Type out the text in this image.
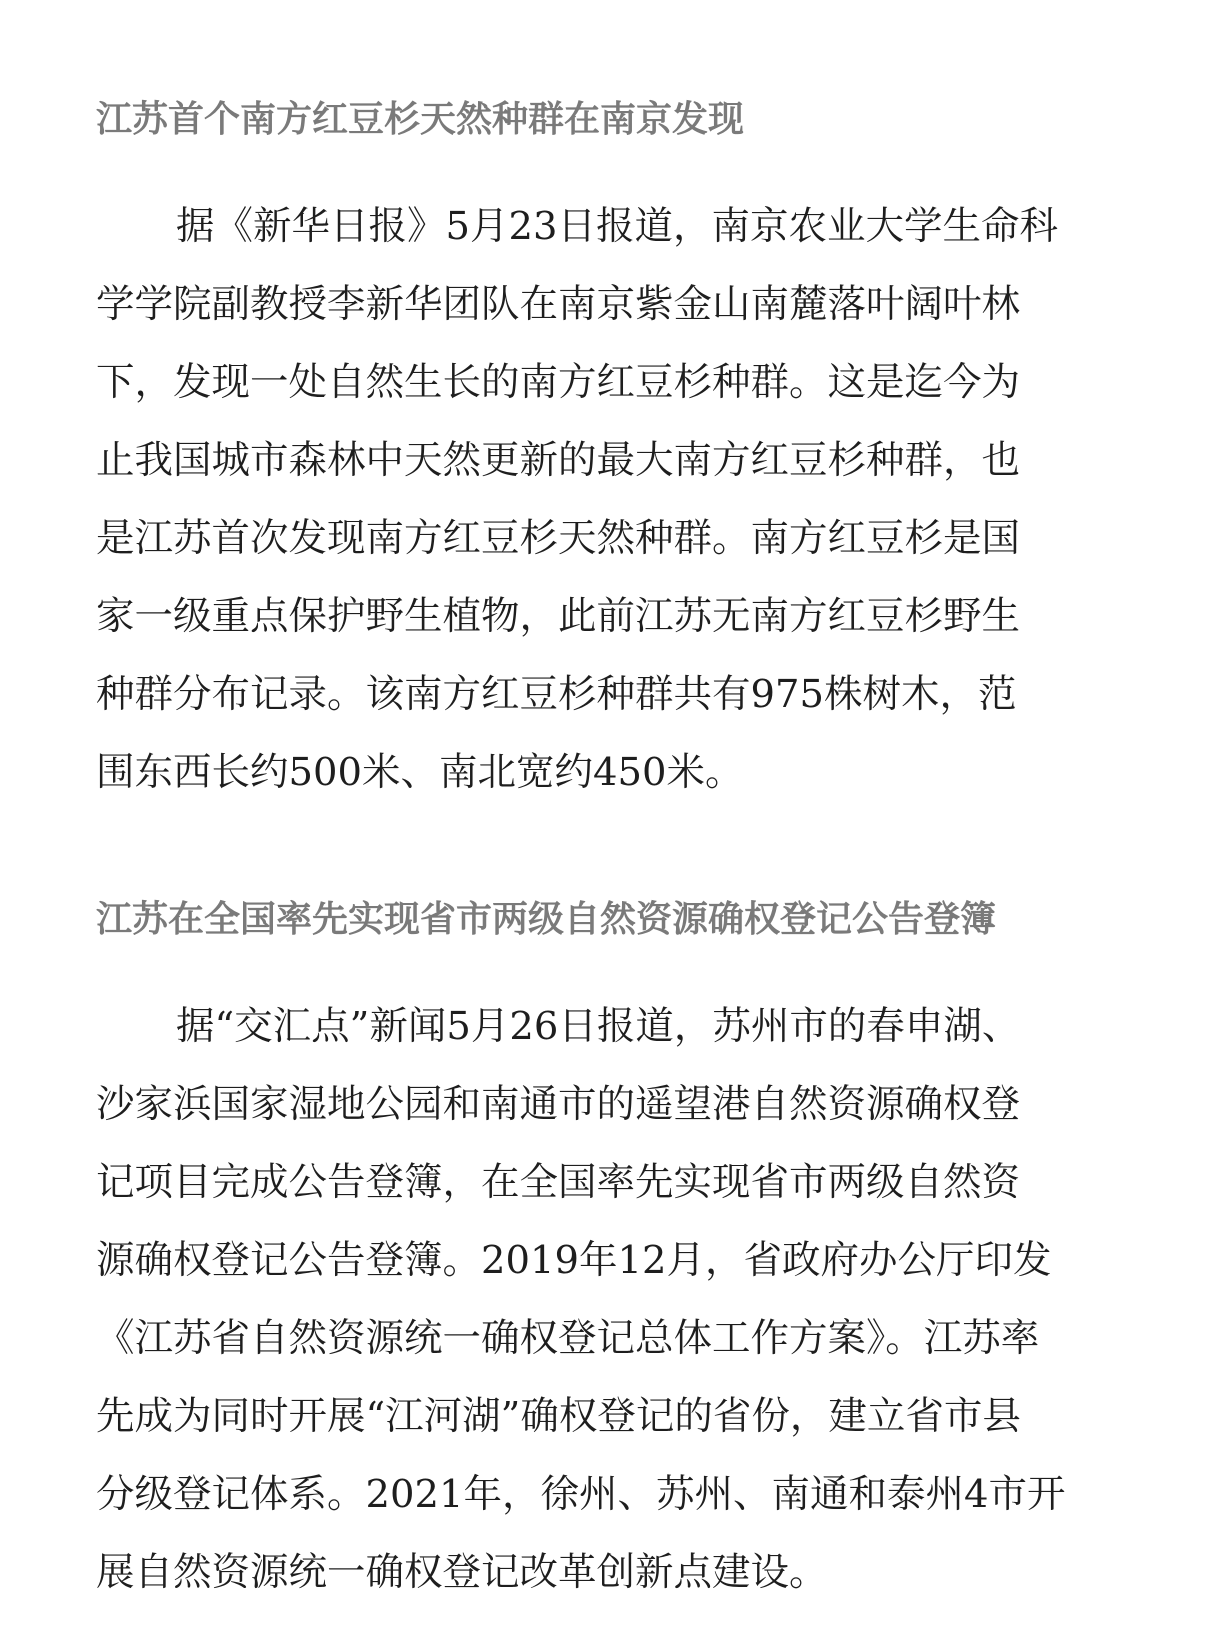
江苏首个南方红豆杉天然种群在南京发现

据《新华日报》5月23日报道，南京农业大学生命科

学学院副教授李新华团队在南京紫金山南麓落叶阔叶林

下，发现一处自然生长的南方红豆杉种群。这是迄今为

止我国城市森林中天然更新的最大南方红豆杉种群，也

是江苏首次发现南方红豆杉天然种群。南方红豆杉是国

家一级重点保护野生植物，此前江苏无南方红豆杉野生

种群分布记录。该南方红豆杉种群共有975株树木，范

围东西长约500米、南北宽约450米。

江苏在全国率先实现省市两级自然资源确权登记公告登簿

据“交汇点”新闻5月26日报道，苏州市的春申湖、

沙家浜国家湿地公园和南通市的遥望港自然资源确权登

记项目完成公告登簿，在全国率先实现省市两级自然资

源确权登记公告登簿。2019年12月，省政府办公厅印发

《江苏省自然资源统一确权登记总体工作方案》。江苏率

先成为同时开展“江河湖”确权登记的省份，建立省市县

分级登记体系。2021年，徐州、苏州、南通和泰州4市开

展自然资源统一确权登记改革创新点建设。
